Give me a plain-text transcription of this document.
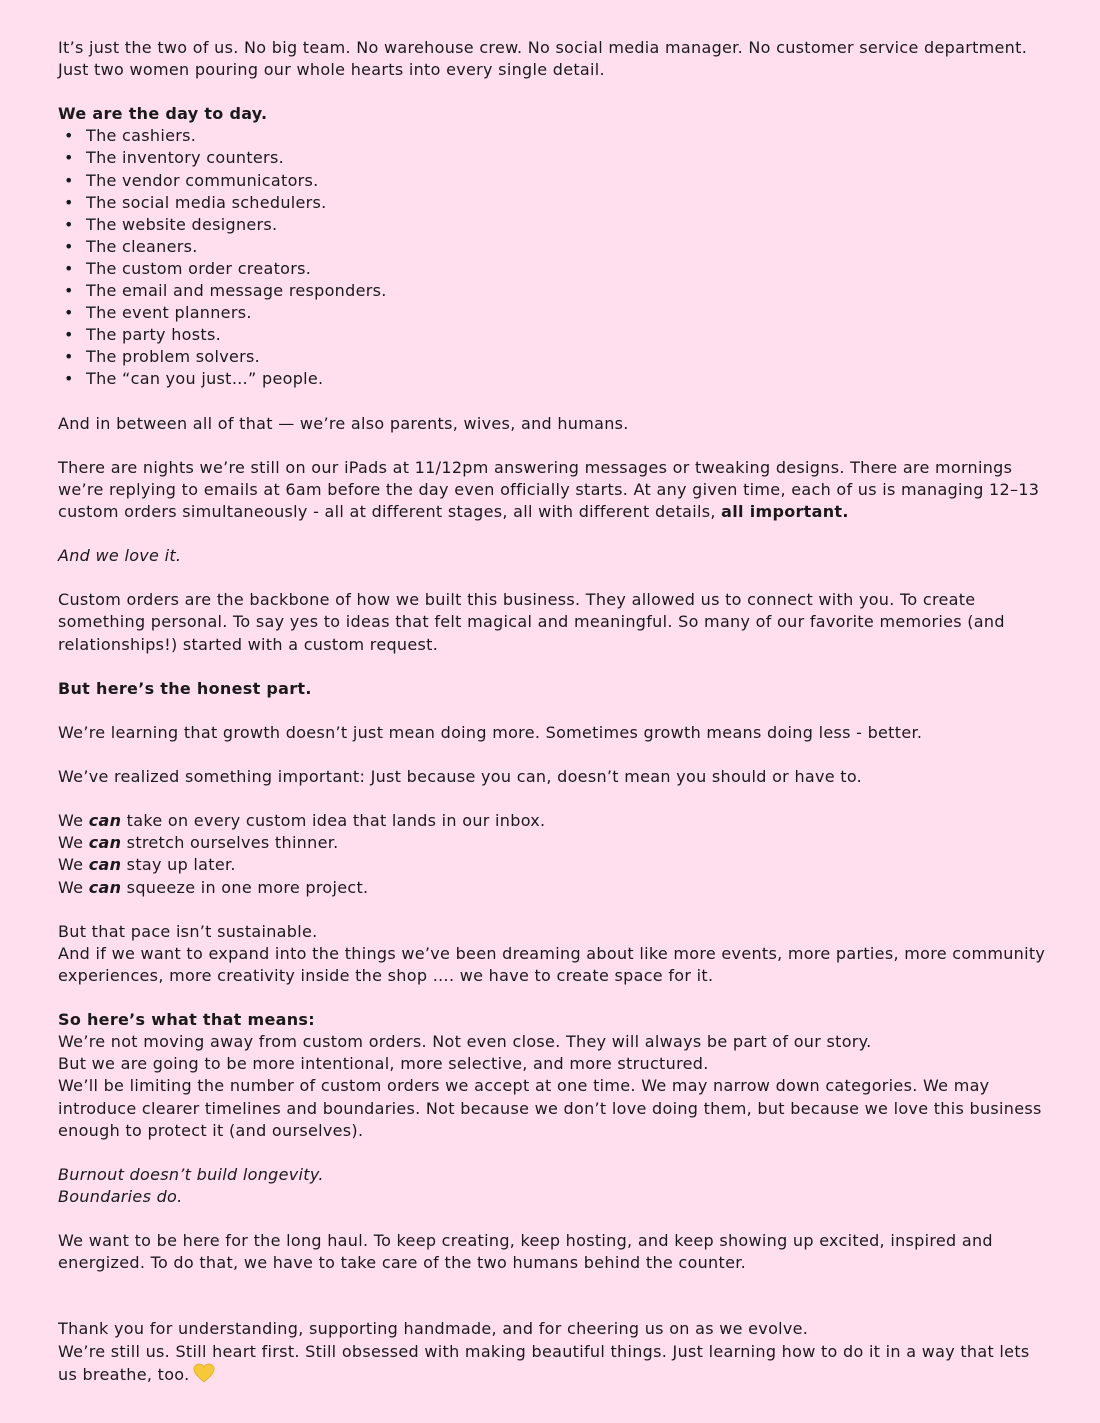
It’s just the two of us. No big team. No warehouse crew. No social media manager. No customer service department.
Just two women pouring our whole hearts into every single detail.

We are the day to day.

• The cashiers.
• The inventory counters.
• The vendor communicators.
• The social media schedulers.
• The website designers.
• The cleaners.
• The custom order creators.
• The email and message responders.
• The event planners.
• The party hosts.
• The problem solvers.
• The “can you just…” people.

And in between all of that — we’re also parents, wives, and humans.

There are nights we’re still on our iPads at 11/12pm answering messages or tweaking designs. There are mornings we’re replying to emails at 6am before the day even officially starts. At any given time, each of us is managing 12–13 custom orders simultaneously - all at different stages, all with different details, all important.

And we love it.

Custom orders are the backbone of how we built this business. They allowed us to connect with you. To create something personal. To say yes to ideas that felt magical and meaningful. So many of our favorite memories (and relationships!) started with a custom request.

But here’s the honest part.

We’re learning that growth doesn’t just mean doing more. Sometimes growth means doing less - better.

We’ve realized something important: Just because you can, doesn’t mean you should or have to.

We can take on every custom idea that lands in our inbox.
We can stretch ourselves thinner.
We can stay up later.
We can squeeze in one more project.

But that pace isn’t sustainable.
And if we want to expand into the things we’ve been dreaming about like more events, more parties, more community experiences, more creativity inside the shop …. we have to create space for it.

So here’s what that means:
We’re not moving away from custom orders. Not even close. They will always be part of our story.
But we are going to be more intentional, more selective, and more structured.
We’ll be limiting the number of custom orders we accept at one time. We may narrow down categories. We may introduce clearer timelines and boundaries. Not because we don’t love doing them, but because we love this business enough to protect it (and ourselves).

Burnout doesn’t build longevity.
Boundaries do.

We want to be here for the long haul. To keep creating, keep hosting, and keep showing up excited, inspired and energized. To do that, we have to take care of the two humans behind the counter.

Thank you for understanding, supporting handmade, and for cheering us on as we evolve.
We’re still us. Still heart first. Still obsessed with making beautiful things. Just learning how to do it in a way that lets us breathe, too.
